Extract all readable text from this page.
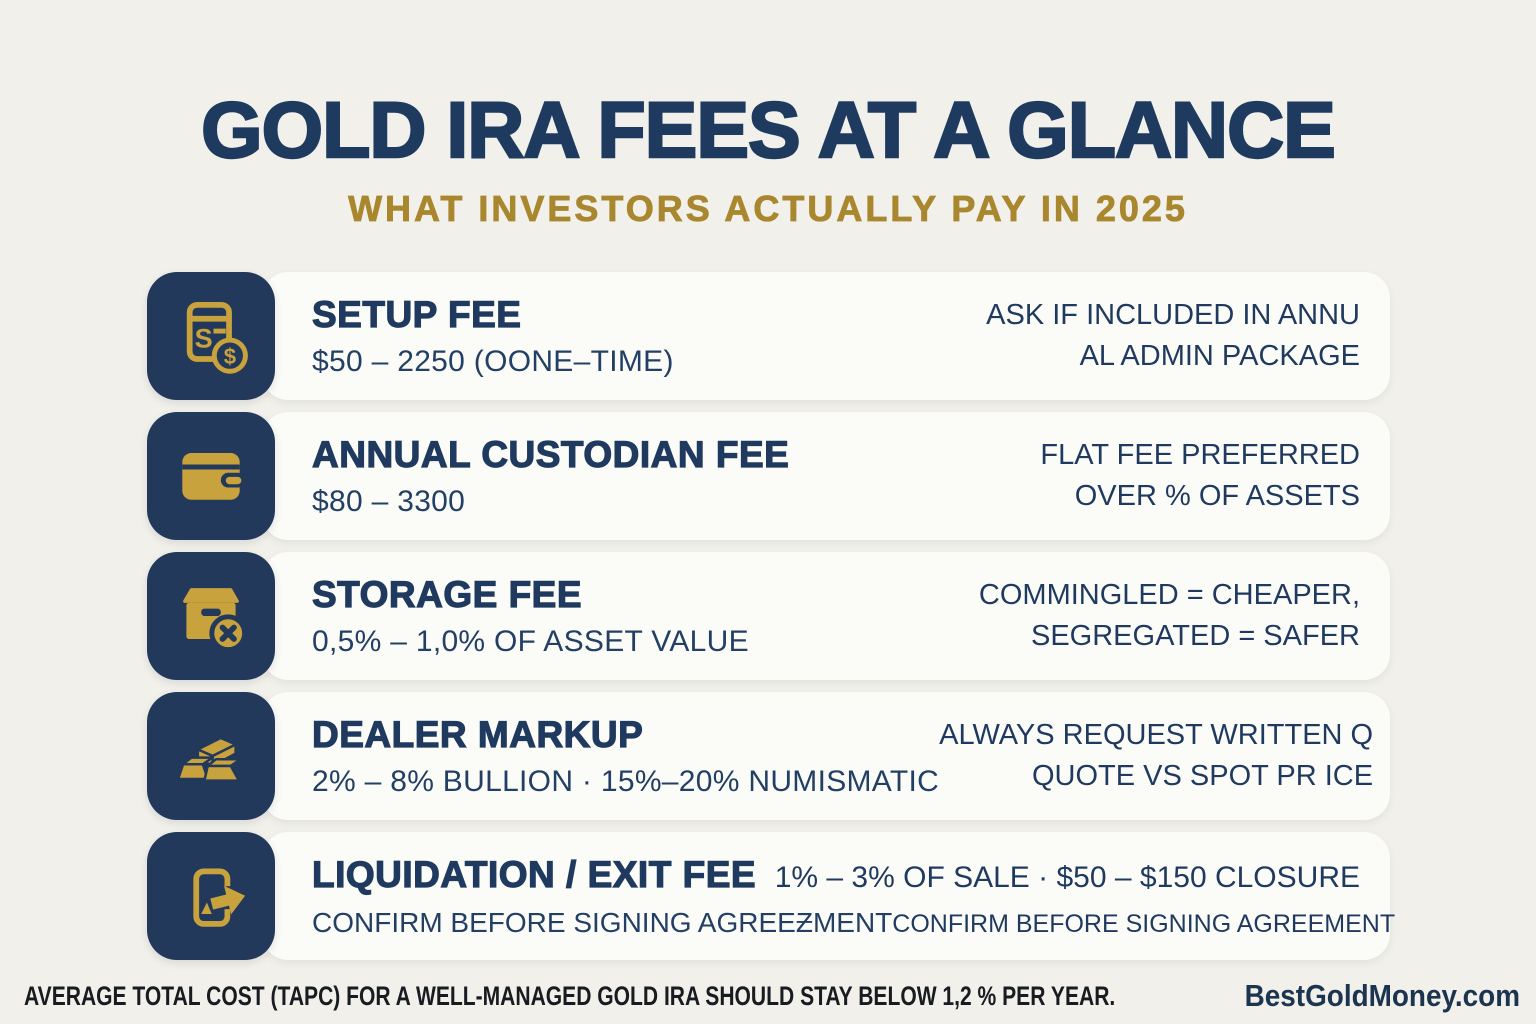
GOLD IRA FEES AT A GLANCE
WHAT INVESTORS ACTUALLY PAY IN 2025
S
$
SETUP FEE
$50 – 2250 (OONE–TIME)
ASK IF INCLUDED IN ANNU
AL ADMIN PACKAGE
ANNUAL CUSTODIAN FEE
$80 – 3300
FLAT FEE PREFERRED
OVER % OF ASSETS
STORAGE FEE
0,5% – 1,0% OF ASSET VALUE
COMMINGLED = CHEAPER,
SEGREGATED = SAFER
DEALER MARKUP
2% – 8% BULLION · 15%–20% NUMISMATIC
ALWAYS REQUEST WRITTEN Q
QUOTE VS SPOT PR ICE
LIQUIDATION / EXIT FEE 1% – 3% OF SALE · $50 – $150 CLOSURE
CONFIRM BEFORE SIGNING AGREEƵMENT CONFIRM BEFORE SIGNING AGREEMENT
AVERAGE TOTAL COST (TAPC) FOR A WELL-MANAGED GOLD IRA SHOULD STAY BELOW 1,2 % PER YEAR.	BestGoldMoney.com
